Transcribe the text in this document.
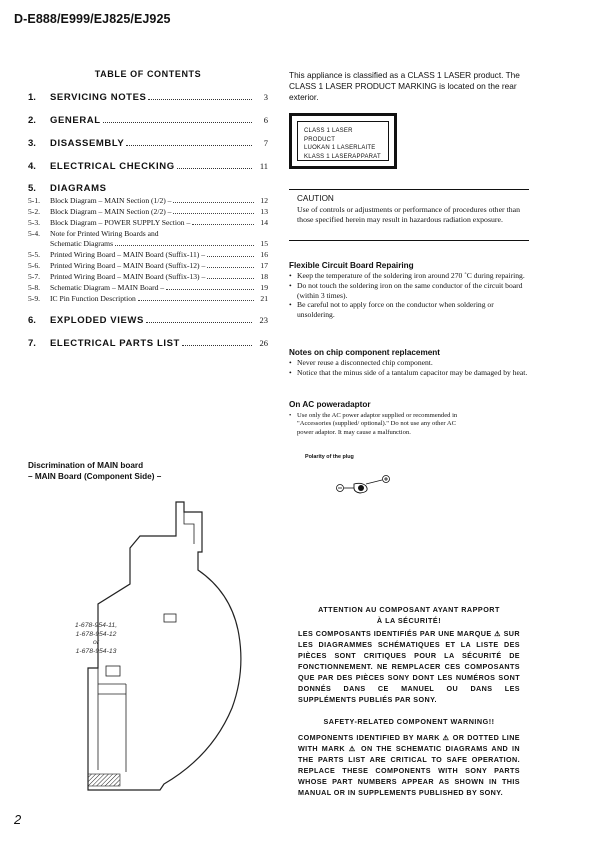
D-E888/E999/EJ825/EJ925
TABLE OF CONTENTS
1.	SERVICING NOTES	3
2.	GENERAL	6
3.	DISASSEMBLY	7
4.	ELECTRICAL CHECKING	11
5.	DIAGRAMS
5-1.	Block Diagram – MAIN Section (1/2) –	12
5-2.	Block Diagram – MAIN Section (2/2) –	13
5-3.	Block Diagram – POWER SUPPLY Section –	14
5-4.	Note for Printed Wiring Boards and
Schematic Diagrams	15
5-5.	Printed Wiring Board – MAIN Board (Suffix-11) –	16
5-6.	Printed Wiring Board – MAIN Board (Suffix-12) –	17
5-7.	Printed Wiring Board – MAIN Board (Suffix-13) –	18
5-8.	Schematic Diagram – MAIN Board –	19
5-9.	IC Pin Function Description	21
6.	EXPLODED VIEWS	23
7.	ELECTRICAL PARTS LIST	26
This appliance is classified as a CLASS 1 LASER product. The CLASS 1 LASER PRODUCT MARKING is located on the rear exterior.
CLASS 1 LASER PRODUCT
LUOKAN 1 LASERLAITE
KLASS 1 LASERAPPARAT
CAUTION
Use of controls or adjustments or performance of procedures other than those specified herein may result in hazardous radiation exposure.
Flexible Circuit Board Repairing
• Keep the temperature of the soldering iron around 270 ˚C during repairing.
• Do not touch the soldering iron on the same conductor of the circuit board (within 3 times).
• Be careful not to apply force on the conductor when soldering or unsoldering.
Notes on chip component replacement
• Never reuse a disconnected chip component.
• Notice that the minus side of a tantalum capacitor may be damaged by heat.
On AC poweradaptor
• Use only the AC power adaptor supplied or recommended in "Accessories (supplied/ optional)." Do not use any other AC power adaptor. It may cause a malfunction.
Polarity of the plug
Discrimination of MAIN board
– MAIN Board (Component Side) –
1-678-954-11,
1-678-954-12
or
1-678-954-13
ATTENTION AU COMPOSANT AYANT RAPPORT
À LA SÉCURITÉ!
LES COMPOSANTS IDENTIFIÉS PAR UNE MARQUE ⚠ SUR LES DIAGRAMMES SCHÉMATIQUES ET LA LISTE DES PIÈCES SONT CRITIQUES POUR LA SÉCURITÉ DE FONCTIONNEMENT. NE REMPLACER CES COMPOSANTS QUE PAR DES PIÈCES SONY DONT LES NUMÉROS SONT DONNÉS DANS CE MANUEL OU DANS LES SUPPLÉMENTS PUBLIÉS PAR SONY.
SAFETY-RELATED COMPONENT WARNING!!
COMPONENTS IDENTIFIED BY MARK ⚠ OR DOTTED LINE WITH MARK ⚠ ON THE SCHEMATIC DIAGRAMS AND IN THE PARTS LIST ARE CRITICAL TO SAFE OPERATION. REPLACE THESE COMPONENTS WITH SONY PARTS WHOSE PART NUMBERS APPEAR AS SHOWN IN THIS MANUAL OR IN SUPPLEMENTS PUBLISHED BY SONY.
2
